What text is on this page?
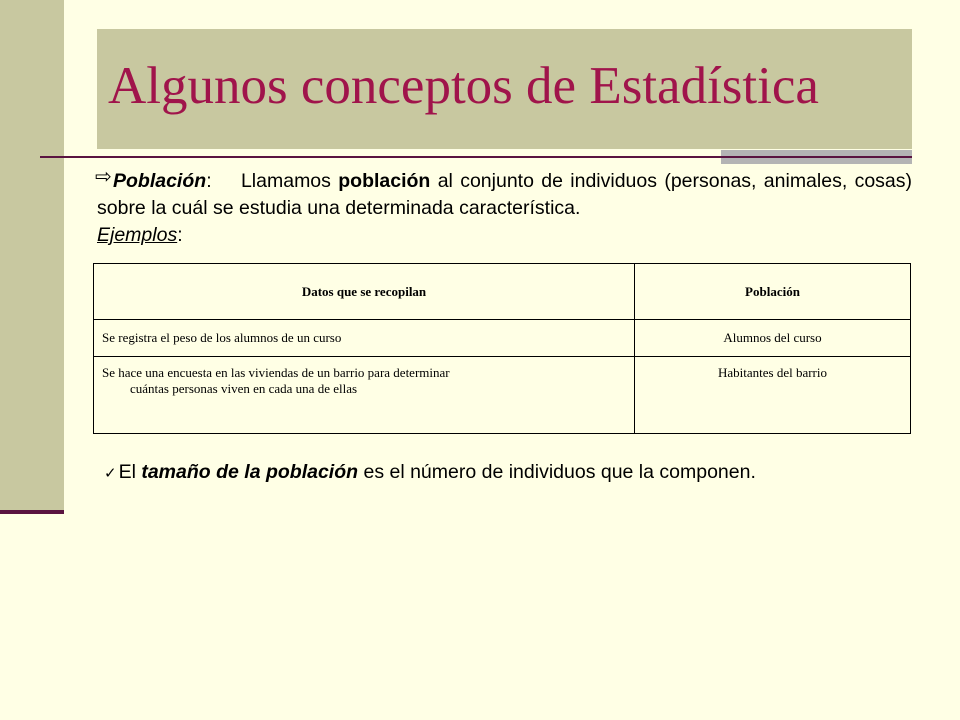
Algunos conceptos de Estadística
⇨ Población: Llamamos población al conjunto de individuos (personas, animales, cosas) sobre la cuál se estudia una determinada característica.
Ejemplos:
Datos que se recopilan	Población
Se registra el peso de los alumnos de un curso	Alumnos del curso
Se hace una encuesta en las viviendas de un barrio para determinar
cuántas personas viven en cada una de ellas	Habitantes del barrio
✓ El tamaño de la población es el número de individuos que la componen.
